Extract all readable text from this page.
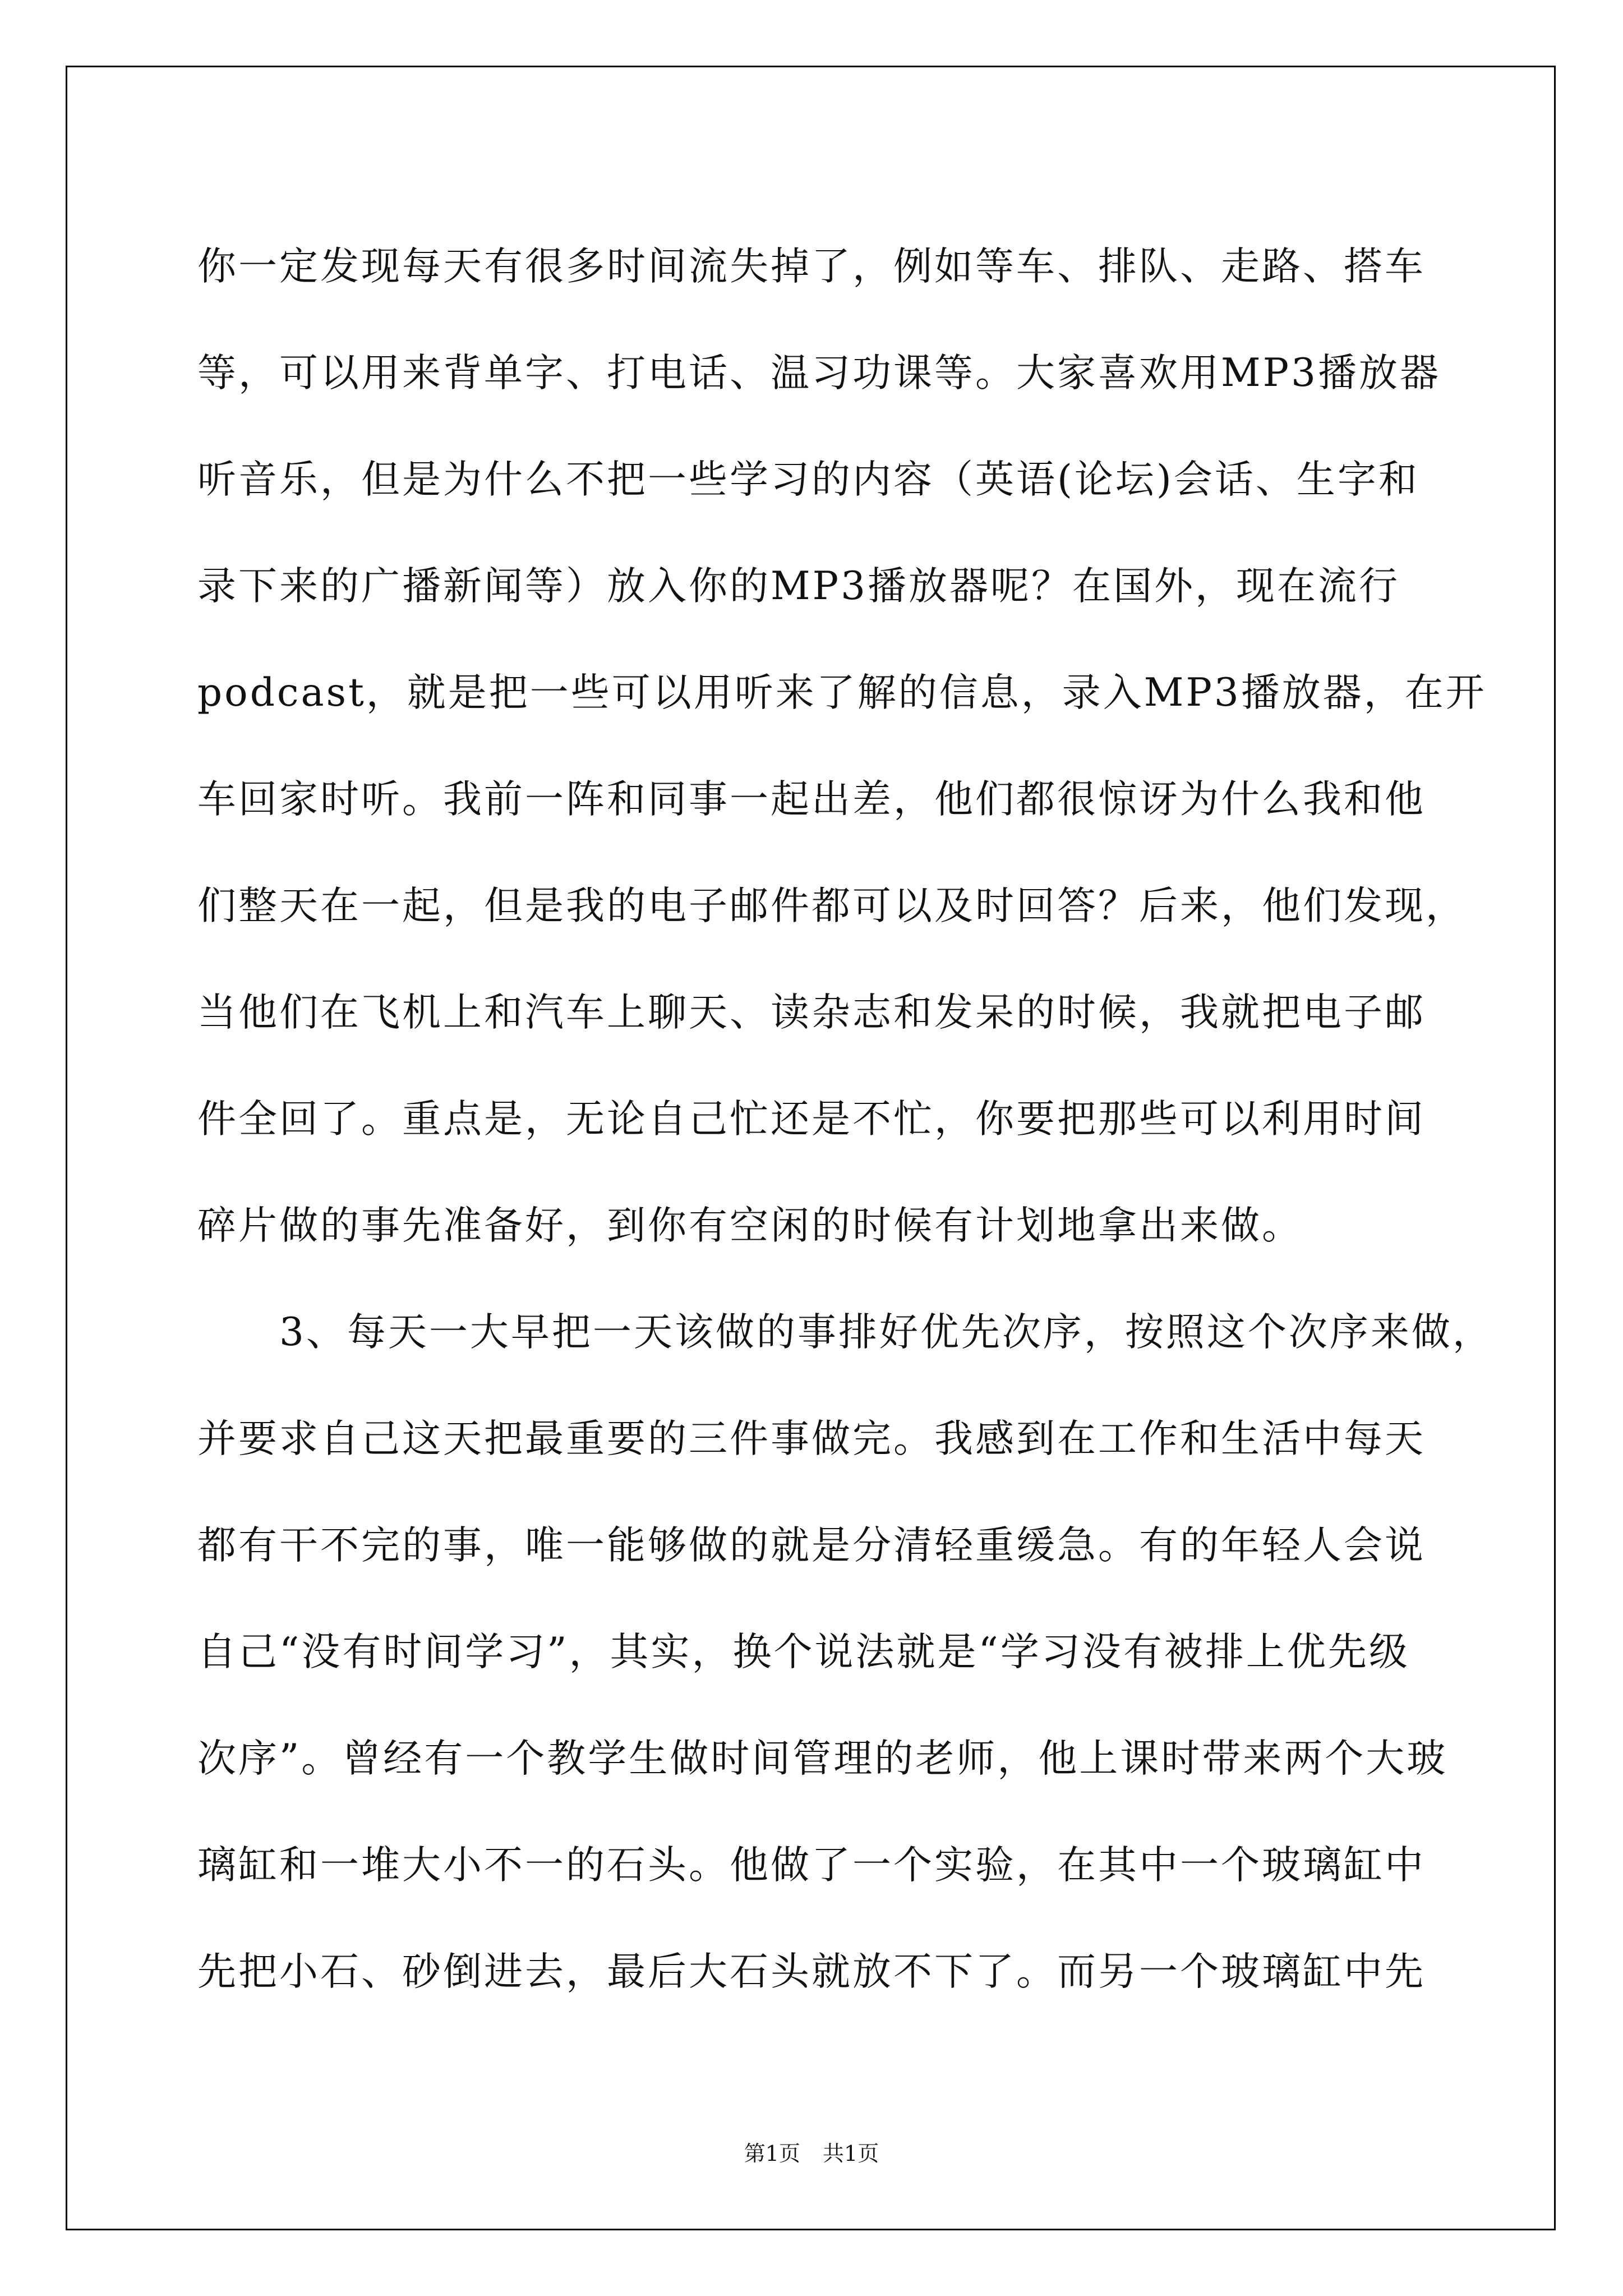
你一定发现每天有很多时间流失掉了，例如等车、排队、走路、搭车
等，可以用来背单字、打电话、温习功课等。大家喜欢用MP3播放器
听音乐，但是为什么不把一些学习的内容（英语(论坛)会话、生字和
录下来的广播新闻等）放入你的MP3播放器呢？在国外，现在流行
podcast，就是把一些可以用听来了解的信息，录入MP3播放器，在开
车回家时听。我前一阵和同事一起出差，他们都很惊讶为什么我和他
们整天在一起，但是我的电子邮件都可以及时回答？后来，他们发现，
当他们在飞机上和汽车上聊天、读杂志和发呆的时候，我就把电子邮
件全回了。重点是，无论自己忙还是不忙，你要把那些可以利用时间
碎片做的事先准备好，到你有空闲的时候有计划地拿出来做。
　　3、每天一大早把一天该做的事排好优先次序，按照这个次序来做，
并要求自己这天把最重要的三件事做完。我感到在工作和生活中每天
都有干不完的事，唯一能够做的就是分清轻重缓急。有的年轻人会说
自己“没有时间学习”，其实，换个说法就是“学习没有被排上优先级
次序”。曾经有一个教学生做时间管理的老师，他上课时带来两个大玻
璃缸和一堆大小不一的石头。他做了一个实验，在其中一个玻璃缸中
先把小石、砂倒进去，最后大石头就放不下了。而另一个玻璃缸中先
第1页 共1页
